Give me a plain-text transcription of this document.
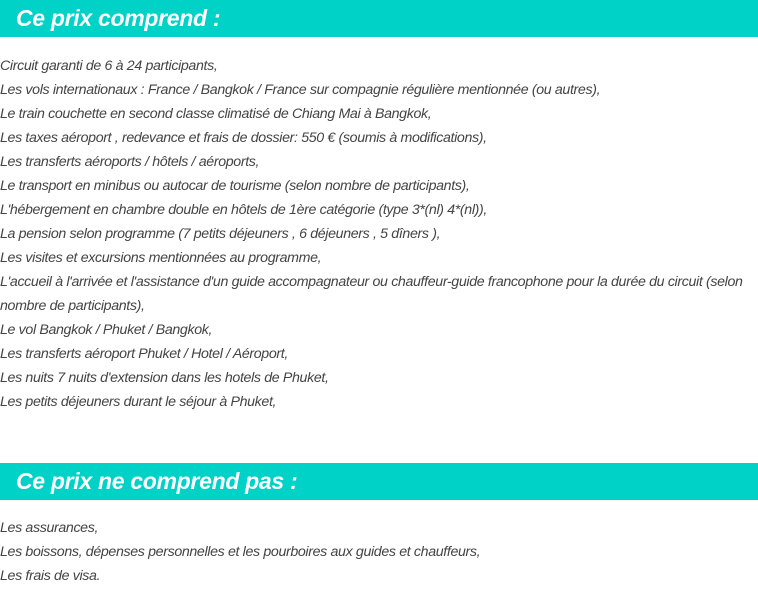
Ce prix comprend :
Circuit garanti de 6 à 24 participants,
Les vols internationaux : France / Bangkok / France sur compagnie régulière mentionnée (ou autres),
Le train couchette en second classe climatisé de Chiang Mai à Bangkok,
Les taxes aéroport , redevance et frais de dossier: 550 € (soumis à modifications),
Les transferts aéroports / hôtels / aéroports,
Le transport en minibus ou autocar de tourisme (selon nombre de participants),
L'hébergement en chambre double en hôtels de 1ère catégorie (type 3*(nl) 4*(nl)),
La pension selon programme (7 petits déjeuners , 6 déjeuners , 5 dîners ),
Les visites et excursions mentionnées au programme,
L'accueil à l'arrivée et l'assistance d'un guide accompagnateur ou chauffeur-guide francophone pour la durée du circuit (selon nombre de participants),
Le vol Bangkok / Phuket / Bangkok,
Les transferts aéroport Phuket / Hotel / Aéroport,
Les nuits 7 nuits d'extension dans les hotels de Phuket,
Les petits déjeuners durant le séjour à Phuket,
Ce prix ne comprend pas :
Les assurances,
Les boissons, dépenses personnelles et les pourboires aux guides et chauffeurs,
Les frais de visa.
